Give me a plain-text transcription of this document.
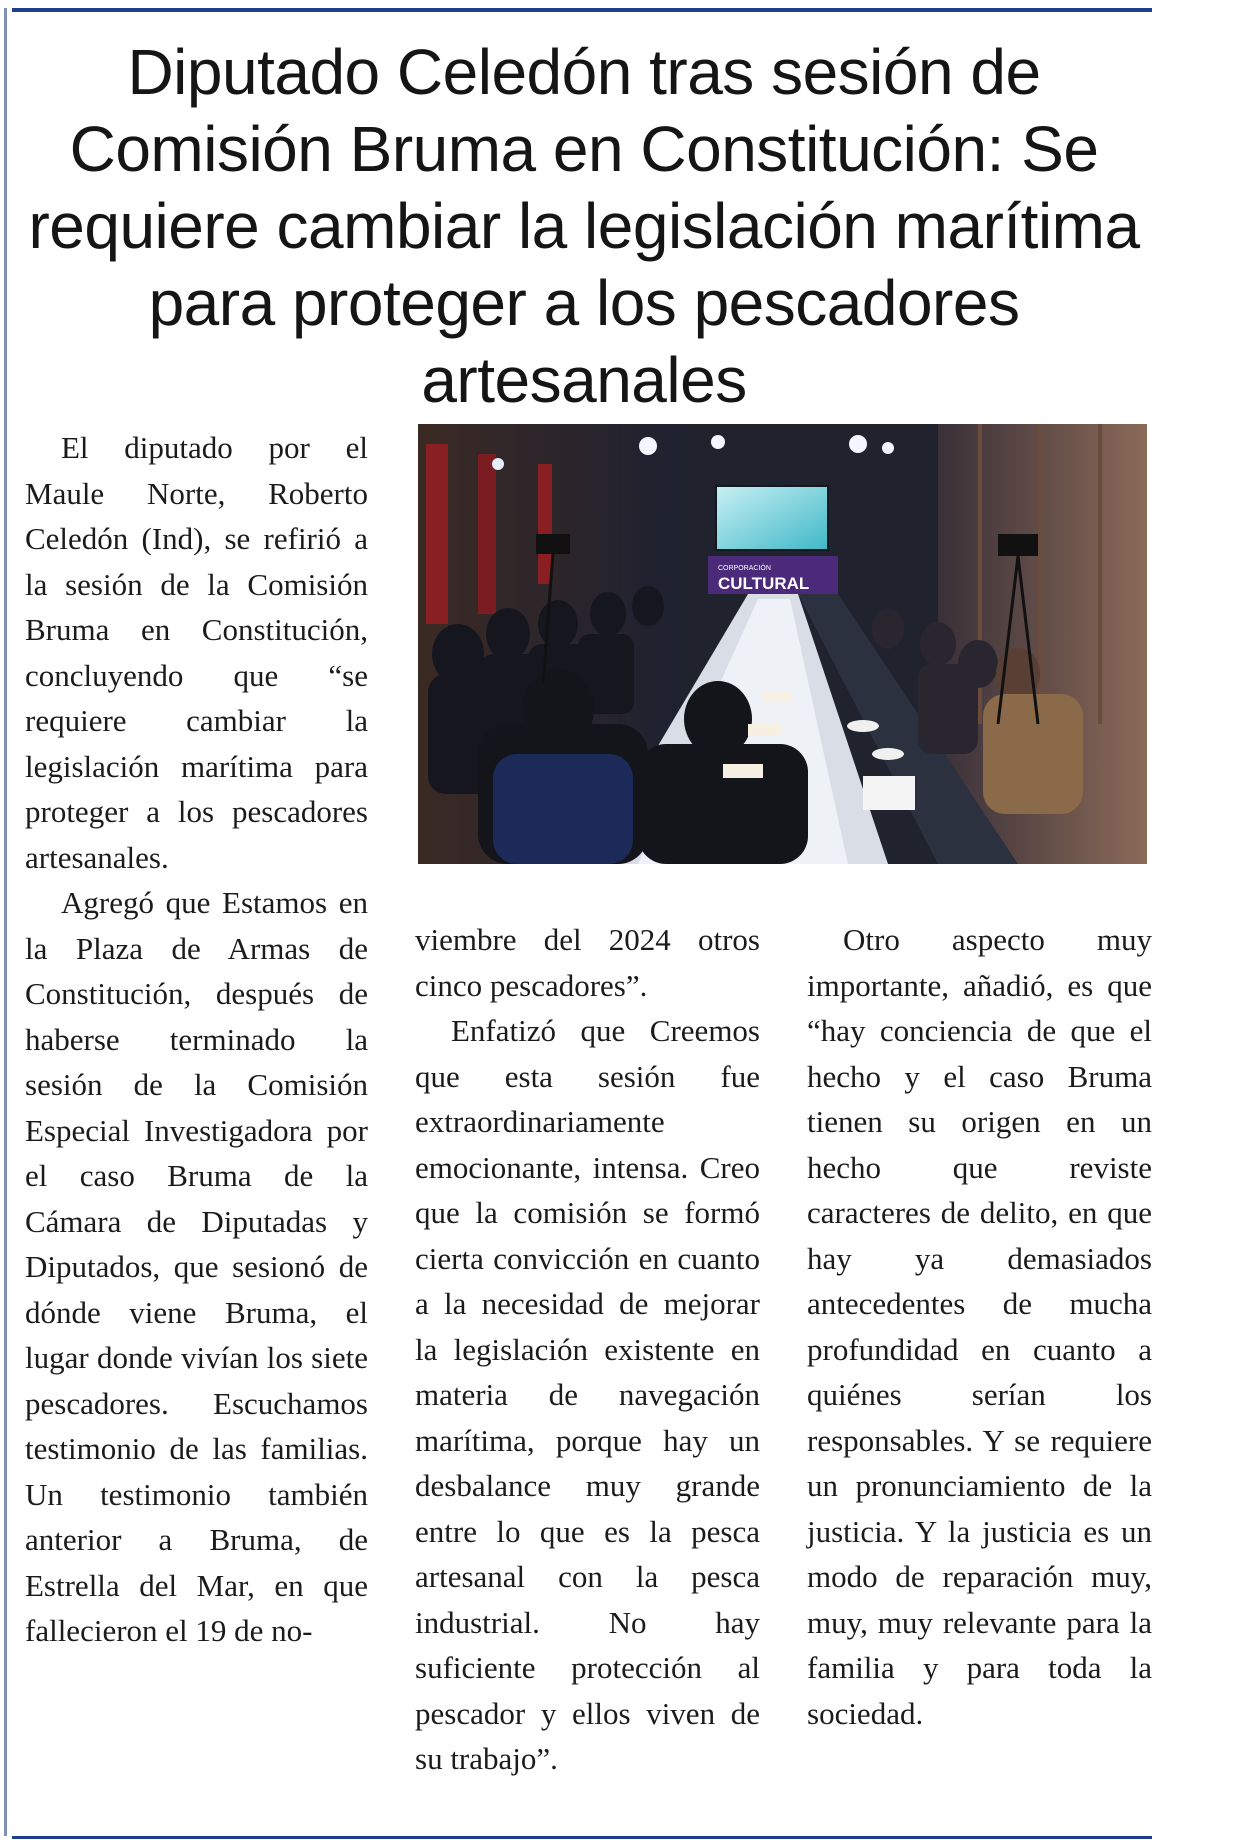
Diputado Celedón tras sesión de Comisión Bruma en Constitución: Se requiere cambiar la legislación marítima para proteger a los pescadores artesanales

El diputado por el Maule Norte, Roberto Celedón (Ind), se refirió a la sesión de la Comisión Bruma en Constitución, concluyendo que “se requiere cambiar la legislación marítima para proteger a los pescadores artesanales.

Agregó que Estamos en la Plaza de Armas de Constitución, después de haberse terminado la sesión de la Comisión Especial Investigadora por el caso Bruma de la Cámara de Diputadas y Diputados, que sesionó de dónde viene Bruma, el lugar donde vivían los siete pescadores. Escuchamos testimonio de las familias. Un testimonio también anterior a Bruma, de Estrella del Mar, en que fallecieron el 19 de no-

CORPORACIÓN
CULTURAL

viembre del 2024 otros cinco pescadores”.

Enfatizó que Creemos que esta sesión fue extraordinariamente emocionante, intensa. Creo que la comisión se formó cierta convicción en cuanto a la necesidad de mejorar la legislación existente en materia de navegación marítima, porque hay un desbalance muy grande entre lo que es la pesca artesanal con la pesca industrial. No hay suficiente protección al pescador y ellos viven de su trabajo”.

Otro aspecto muy importante, añadió, es que “hay conciencia de que el hecho y el caso Bruma tienen su origen en un hecho que reviste caracteres de delito, en que hay ya demasiados antecedentes de mucha profundidad en cuanto a quiénes serían los responsables. Y se requiere un pronunciamiento de la justicia. Y la justicia es un modo de reparación muy, muy, muy relevante para la familia y para toda la sociedad.
